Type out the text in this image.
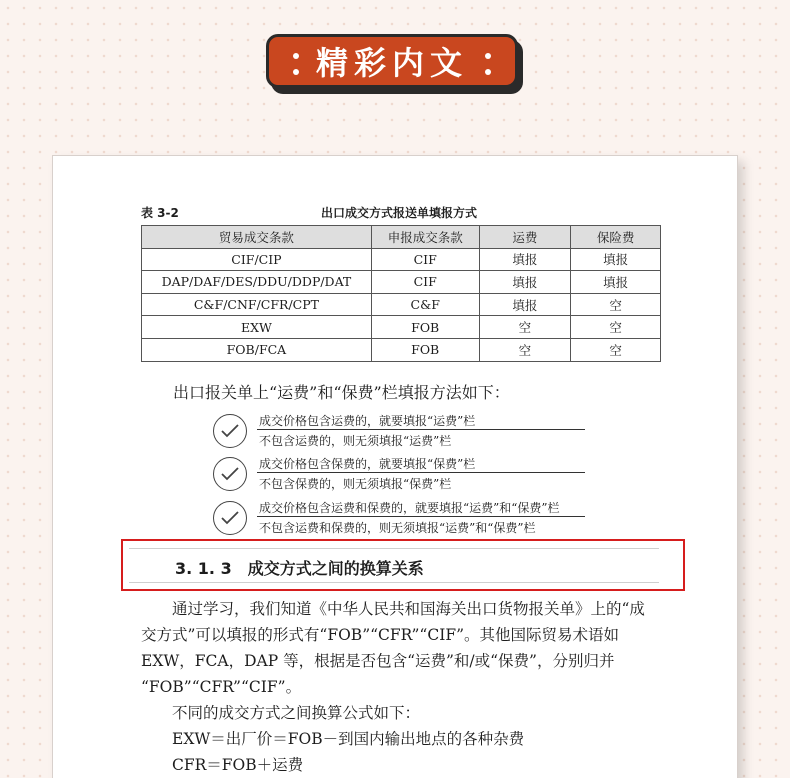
精彩内文
表 3-2	出口成交方式报送单填报方式
贸易成交条款	申报成交条款	运费	保险费
CIF/CIP	CIF	填报	填报
DAP/DAF/DES/DDU/DDP/DAT	CIF	填报	填报
C&F/CNF/CFR/CPT	C&F	填报	空
EXW	FOB	空	空
FOB/FCA	FOB	空	空
出口报关单上“运费”和“保费”栏填报方法如下：
成交价格包含运费的，就要填报“运费”栏
不包含运费的，则无须填报“运费”栏
成交价格包含保费的，就要填报“保费”栏
不包含保费的，则无须填报“保费”栏
成交价格包含运费和保费的，就要填报“运费”和“保费”栏
不包含运费和保费的，则无须填报“运费”和“保费”栏
3. 1. 3 成交方式之间的换算关系

通过学习，我们知道《中华人民共和国海关出口货物报关单》上的“成

交方式”可以填报的形式有“FOB”“CFR”“CIF”。其他国际贸易术语如

EXW，FCA，DAP 等，根据是否包含“运费”和/或“保费”，分别归并

“FOB”“CFR”“CIF”。

不同的成交方式之间换算公式如下：

EXW＝出厂价＝FOB－到国内输出地点的各种杂费

CFR＝FOB＋运费
